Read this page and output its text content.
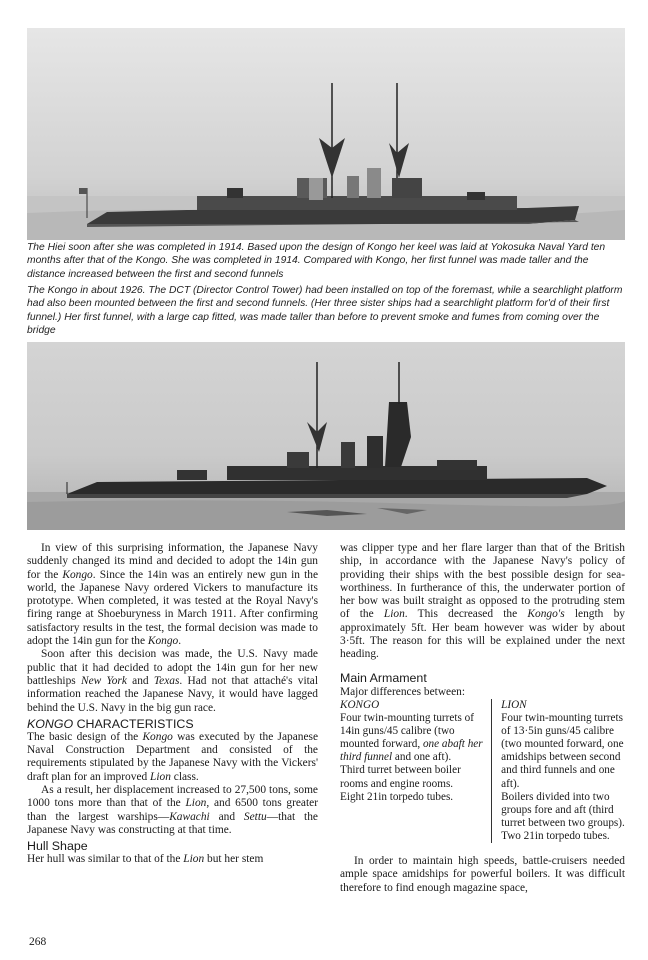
The Hiei soon after she was completed in 1914. Based upon the design of Kongo her keel was laid at Yokosuka Naval Yard ten months after that of the Kongo. She was completed in 1914. Compared with Kongo, her first funnel was made taller and the distance increased between the first and second funnels
The Kongo in about 1926. The DCT (Director Control Tower) had been installed on top of the foremast, while a searchlight platform had also been mounted between the first and second funnels. (Her three sister ships had a searchlight platform for'd of their first funnel.) Her first funnel, with a large cap fitted, was made taller than before to prevent smoke and fumes from coming over the bridge

In view of this surprising information, the Japanese Navy suddenly changed its mind and decided to adopt the 14in gun for the Kongo. Since the 14in was an entirely new gun in the world, the Japanese Navy ordered Vickers to manufacture its prototype. When completed, it was tested at the Royal Navy's firing range at Shoeburyness in March 1911. After confirming satisfactory results in the test, the formal decision was made to adopt the 14in gun for the Kongo.

Soon after this decision was made, the U.S. Navy made public that it had decided to adopt the 14in gun for her new battleships New York and Texas. Had not that attaché's vital information reached the Japanese Navy, it would have lagged behind the U.S. Navy in the big gun race.

KONGO CHARACTERISTICS

The basic design of the Kongo was executed by the Japanese Naval Construction Department and consisted of the requirements stipulated by the Japanese Navy with the Vickers' draft plan for an improved Lion class.

As a result, her displacement increased to 27,500 tons, some 1000 tons more than that of the Lion, and 6500 tons greater than the largest warships—Kawachi and Settu—that the Japanese Navy was constructing at that time.

Hull Shape

Her hull was similar to that of the Lion but her stem

was clipper type and her flare larger than that of the British ship, in accordance with the Japanese Navy's policy of providing their ships with the best possible design for sea-worthiness. In furtherance of this, the underwater portion of her bow was built straight as opposed to the protruding stem of the Lion. This decreased the Kongo's length by approximately 5ft. Her beam however was wider by about 3·5ft. The reason for this will be explained under the next heading.

Main Armament
Major differences between:
KONGO
Four twin-mounting turrets of 14in guns/45 calibre (two mounted forward, one abaft her third funnel and one aft).
Third turret between boiler rooms and engine rooms.
Eight 21in torpedo tubes.
LION
Four twin-mounting turrets of 13·5in guns/45 calibre (two mounted forward, one amidships between second and third funnels and one aft).
Boilers divided into two groups fore and aft (third turret between two groups).
Two 21in torpedo tubes.

In order to maintain high speeds, battle-cruisers needed ample space amidships for powerful boilers. It was difficult therefore to find enough magazine space,

268
